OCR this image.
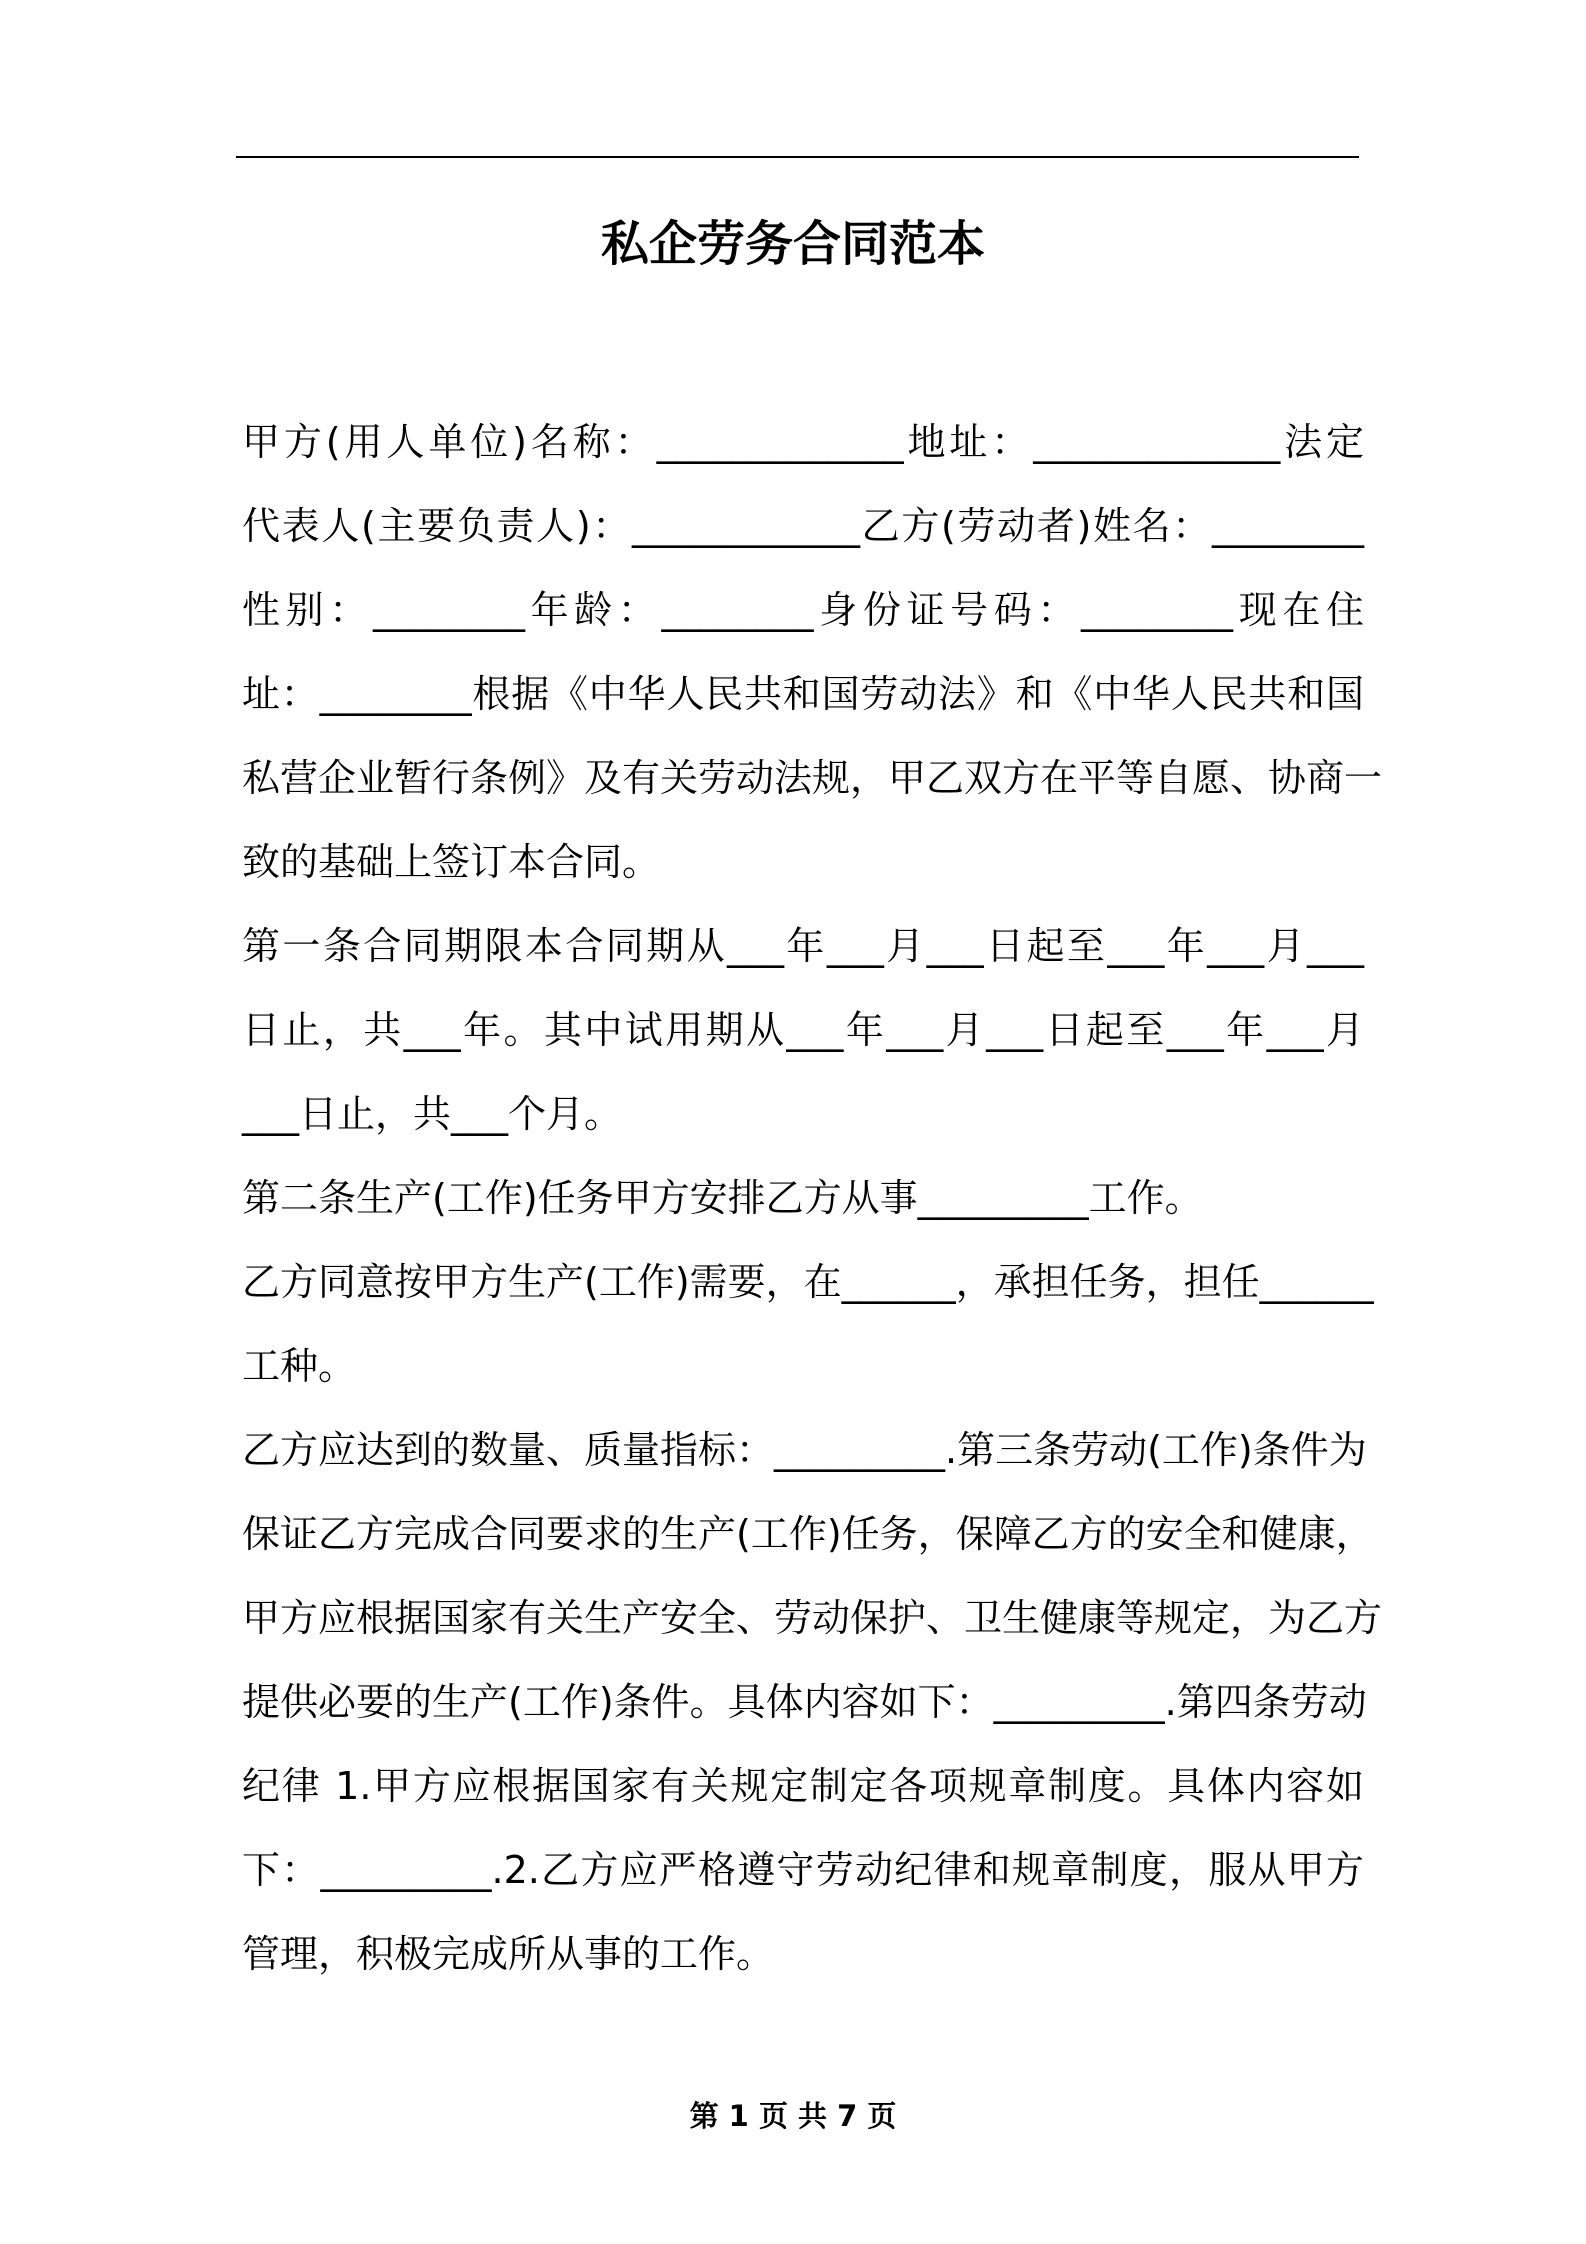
私企劳务合同范本
甲方(用人单位)名称：_____________地址：_____________法定
代表人(主要负责人)：____________乙方(劳动者)姓名：________
性别：________年龄：________身份证号码：________现在住
址：________根据《中华人民共和国劳动法》和《中华人民共和国
私营企业暂行条例》及有关劳动法规，甲乙双方在平等自愿、协商一
致的基础上签订本合同。
第一条合同期限本合同期从___年___月___日起至___年___月___
日止，共___年。其中试用期从___年___月___日起至___年___月
___日止，共___个月。
第二条生产(工作)任务甲方安排乙方从事_________工作。
乙方同意按甲方生产(工作)需要，在______，承担任务，担任______
工种。
乙方应达到的数量、质量指标：_________.第三条劳动(工作)条件为
保证乙方完成合同要求的生产(工作)任务，保障乙方的安全和健康，
甲方应根据国家有关生产安全、劳动保护、卫生健康等规定，为乙方
提供必要的生产(工作)条件。具体内容如下：_________.第四条劳动
纪律 1.甲方应根据国家有关规定制定各项规章制度。具体内容如
下：_________.2.乙方应严格遵守劳动纪律和规章制度，服从甲方
管理，积极完成所从事的工作。
第 1 页 共 7 页
